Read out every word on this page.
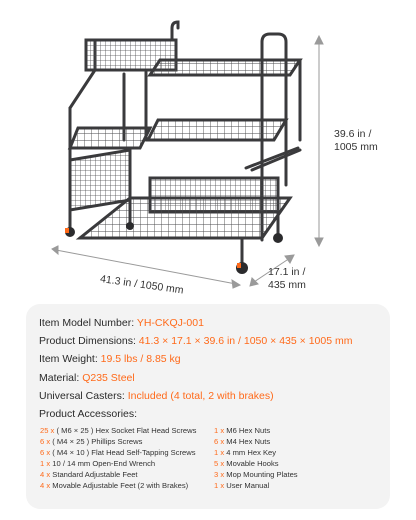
39.6 in /
1005 mm
41.3 in / 1050 mm
17.1 in /
435 mm
Item Model Number: YH-CKQJ-001
Product Dimensions: 41.3 × 17.1 × 39.6 in / 1050 × 435 × 1005 mm
Item Weight: 19.5 lbs / 8.85 kg
Material: Q235 Steel
Universal Casters: Included (4 total, 2 with brakes)
Product Accessories:
25 x ( M6 × 25 ) Hex Socket Flat Head Screws
6 x ( M4 × 25 ) Phillips Screws
6 x ( M4 × 10 ) Flat Head Self-Tapping Screws
1 x 10 / 14 mm Open-End Wrench
4 x Standard Adjustable Feet
4 x Movable Adjustable Feet (2 with Brakes)
1 x M6 Hex Nuts
6 x M4 Hex Nuts
1 x 4 mm Hex Key
5 x Movable Hooks
3 x Mop Mounting Plates
1 x User Manual
